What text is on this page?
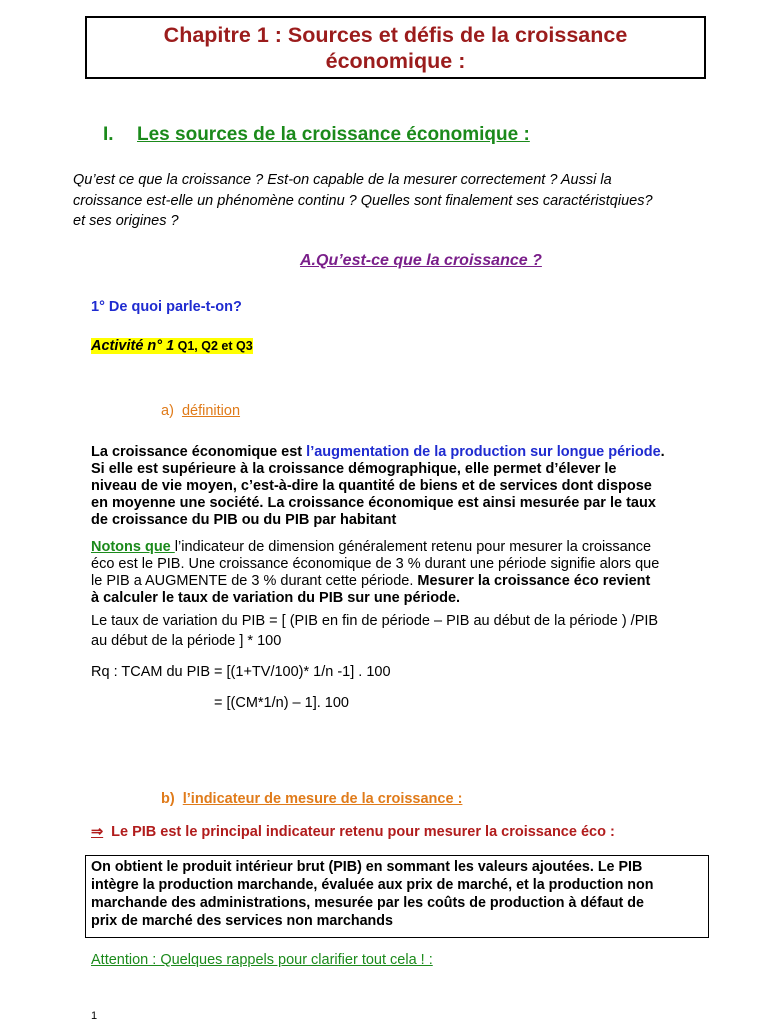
Chapitre 1 : Sources et défis de la croissance
économique :
I. Les sources de la croissance économique :
Qu’est ce que la croissance ? Est-on capable de la mesurer correctement ? Aussi la
croissance est-elle un phénomène continu ? Quelles sont finalement ses caractéristqiues?
et ses origines ?
A.Qu’est-ce que la croissance ?
1° De quoi parle-t-on?
Activité n° 1 Q1, Q2 et Q3
a) définition
La croissance économique est l’augmentation de la production sur longue période.
Si elle est supérieure à la croissance démographique, elle permet d’élever le
niveau de vie moyen, c’est-à-dire la quantité de biens et de services dont dispose
en moyenne une société. La croissance économique est ainsi mesurée par le taux
de croissance du PIB ou du PIB par habitant
Notons que l’indicateur de dimension généralement retenu pour mesurer la croissance
éco est le PIB. Une croissance économique de 3 % durant une période signifie alors que
le PIB a AUGMENTE de 3 % durant cette période. Mesurer la croissance éco revient
à calculer le taux de variation du PIB sur une période.
Le taux de variation du PIB = [ (PIB en fin de période – PIB au début de la période ) /PIB
au début de la période ] * 100
Rq : TCAM du PIB = [(1+TV/100)* 1/n -1] . 100
= [(CM*1/n) – 1]. 100
b) l’indicateur de mesure de la croissance :
⇒ Le PIB est le principal indicateur retenu pour mesurer la croissance éco :
On obtient le produit intérieur brut (PIB) en sommant les valeurs ajoutées. Le PIB
intègre la production marchande, évaluée aux prix de marché, et la production non
marchande des administrations, mesurée par les coûts de production à défaut de
prix de marché des services non marchands
Attention : Quelques rappels pour clarifier tout cela ! :
1
